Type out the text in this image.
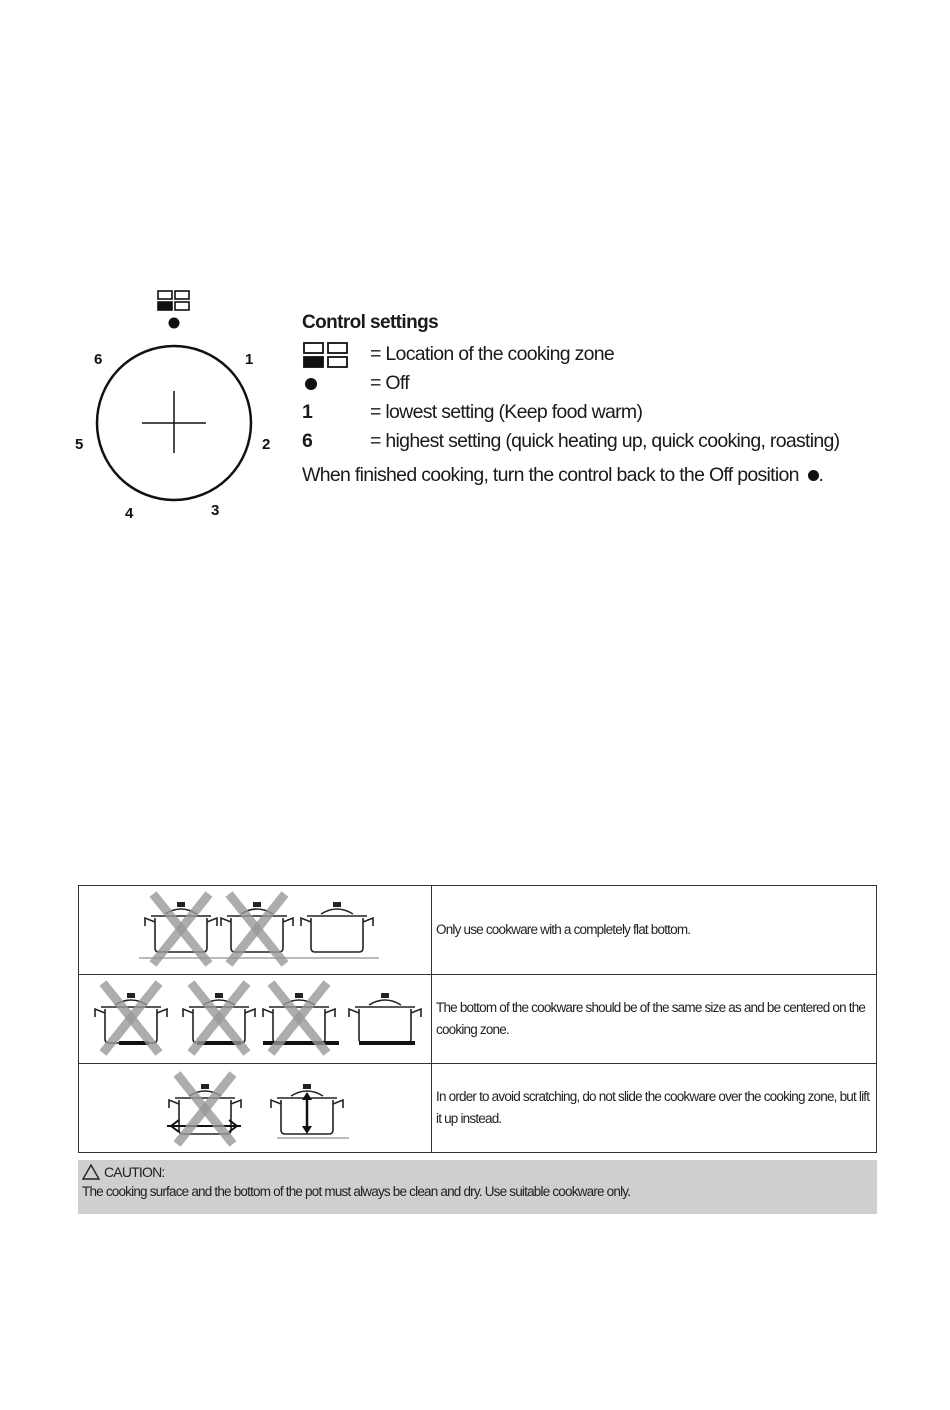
1
2
3
4
5
6
Control settings
= Location of the cooking zone
= Off
1	= lowest setting (Keep food warm)
6	= highest setting (quick heating up, quick cooking, roasting)
When finished cooking, turn the control back to the Off position .
	Only use cookware with a completely flat bottom.

	The bottom of the cookware should be of the same size as and be centered on the cooking zone.

	In order to avoid scratching, do not slide the cookware over the cooking zone, but lift it up instead.
CAUTION:
The cooking surface and the bottom of the pot must always be clean and dry. Use suitable cookware only.
